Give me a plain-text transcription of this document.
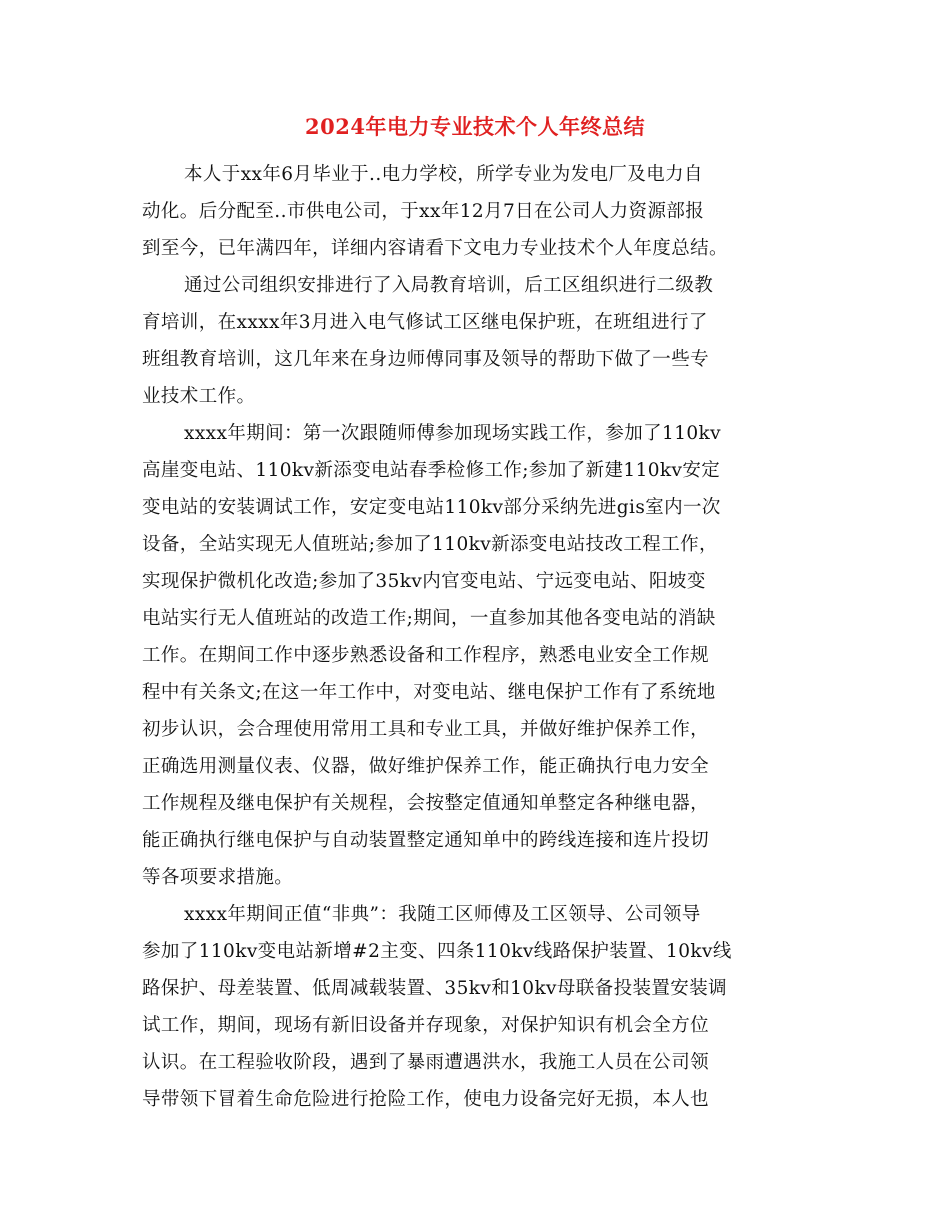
2024年电力专业技术个人年终总结
本人于xx年6月毕业于..电力学校，所学专业为发电厂及电力自
动化。后分配至..市供电公司，于xx年12月7日在公司人力资源部报
到至今，已年满四年，详细内容请看下文电力专业技术个人年度总结。
通过公司组织安排进行了入局教育培训，后工区组织进行二级教
育培训，在xxxx年3月进入电气修试工区继电保护班，在班组进行了
班组教育培训，这几年来在身边师傅同事及领导的帮助下做了一些专
业技术工作。
xxxx年期间：第一次跟随师傅参加现场实践工作，参加了110kv
高崖变电站、110kv新添变电站春季检修工作;参加了新建110kv安定
变电站的安装调试工作，安定变电站110kv部分采纳先进gis室内一次
设备，全站实现无人值班站;参加了110kv新添变电站技改工程工作，
实现保护微机化改造;参加了35kv内官变电站、宁远变电站、阳坡变
电站实行无人值班站的改造工作;期间，一直参加其他各变电站的消缺
工作。在期间工作中逐步熟悉设备和工作程序，熟悉电业安全工作规
程中有关条文;在这一年工作中，对变电站、继电保护工作有了系统地
初步认识，会合理使用常用工具和专业工具，并做好维护保养工作，
正确选用测量仪表、仪器，做好维护保养工作，能正确执行电力安全
工作规程及继电保护有关规程，会按整定值通知单整定各种继电器，
能正确执行继电保护与自动装置整定通知单中的跨线连接和连片投切
等各项要求措施。
xxxx年期间正值“非典”：我随工区师傅及工区领导、公司领导
参加了110kv变电站新增#2主变、四条110kv线路保护装置、10kv线
路保护、母差装置、低周减载装置、35kv和10kv母联备投装置安装调
试工作，期间，现场有新旧设备并存现象，对保护知识有机会全方位
认识。在工程验收阶段，遇到了暴雨遭遇洪水，我施工人员在公司领
导带领下冒着生命危险进行抢险工作，使电力设备完好无损，本人也
